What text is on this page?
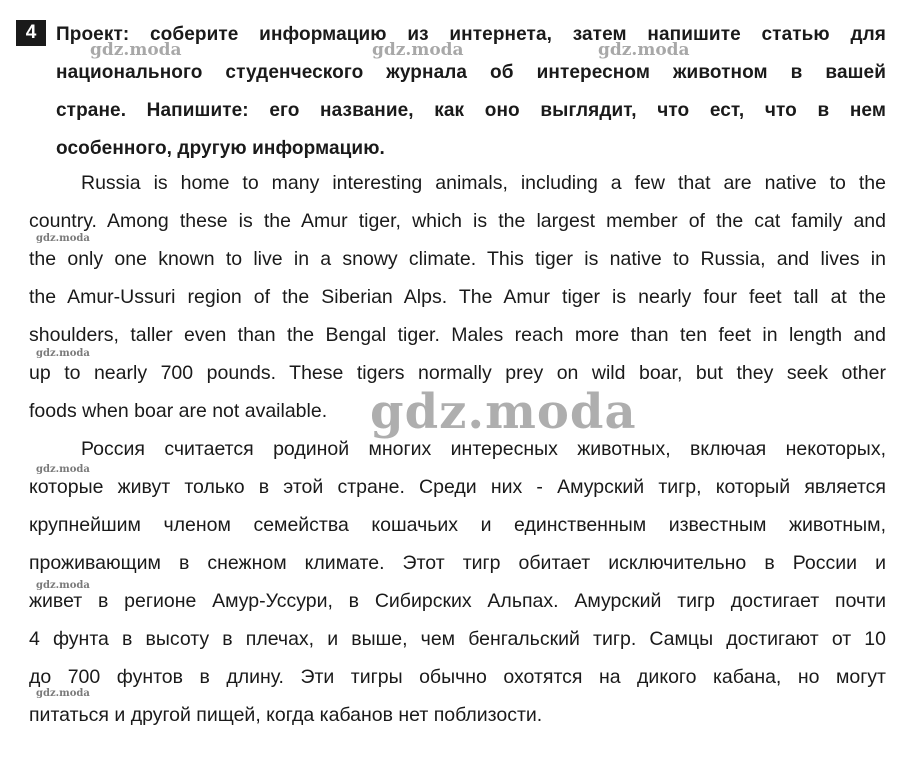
4	Проект: соберите информацию из интернета, затем напишите статью для
национального студенческого журнала об интересном животном в вашей
стране. Напишите: его название, как оно выглядит, что ест, что в нем
особенного, другую информацию.
Russia is home to many interesting animals, including a few that are native to the
country. Among these is the Amur tiger, which is the largest member of the cat family and
the only one known to live in a snowy climate. This tiger is native to Russia, and lives in
the Amur-Ussuri region of the Siberian Alps. The Amur tiger is nearly four feet tall at the
shoulders, taller even than the Bengal tiger. Males reach more than ten feet in length and
up to nearly 700 pounds. These tigers normally prey on wild boar, but they seek other
foods when boar are not available.
Россия считается родиной многих интересных животных, включая некоторых,
которые живут только в этой стране. Среди них - Амурский тигр, который является
крупнейшим членом семейства кошачьих и единственным известным животным,
проживающим в снежном климате. Этот тигр обитает исключительно в России и
живет в регионе Амур-Уссури, в Сибирских Альпах. Амурский тигр достигает почти
4 фунта в высоту в плечах, и выше, чем бенгальский тигр. Самцы достигают от 10
до 700 фунтов в длину. Эти тигры обычно охотятся на дикого кабана, но могут
питаться и другой пищей, когда кабанов нет поблизости.
gdz.moda	gdz.moda	gdz.moda
gdz.moda
gdz.moda
gdz.moda
gdz.moda
gdz.moda
gdz.moda
